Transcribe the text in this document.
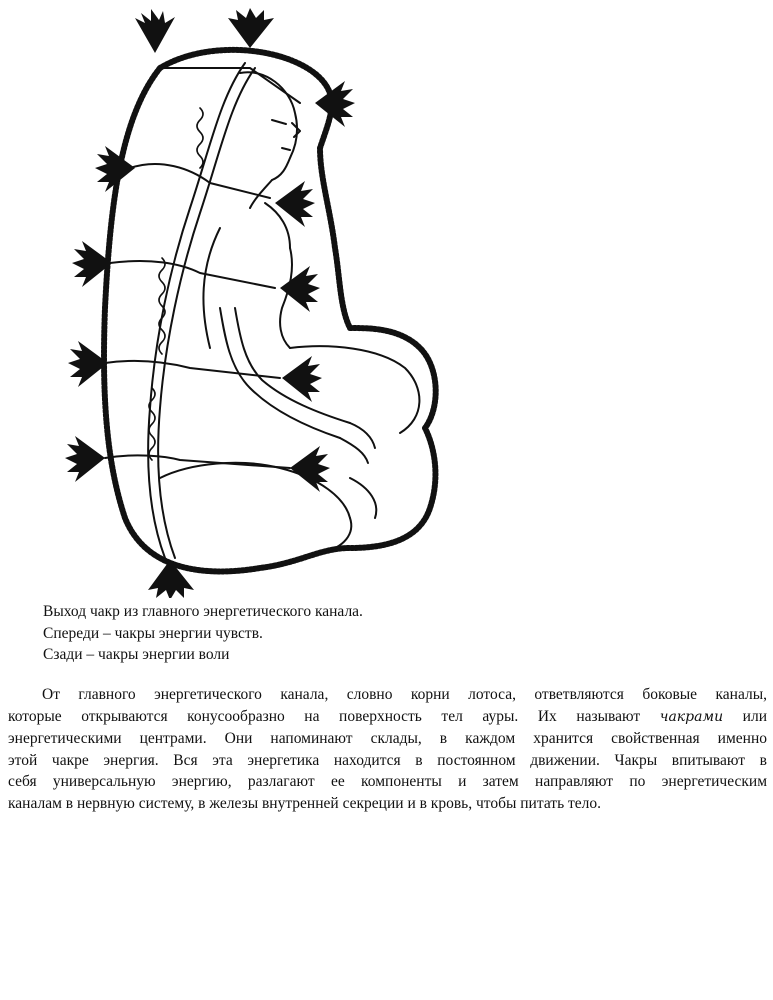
Выход чакр из главного энергетического канала.
Спереди – чакры энергии чувств.
Сзади – чакры энергии воли
От главного энергетического канала, словно корни лотоса, ответвляются боковые каналы,
которые открываются конусообразно на поверхность тел ауры. Их называют чакрами или
энергетическими центрами. Они напоминают склады, в каждом хранится свойственная именно
этой чакре энергия. Вся эта энергетика находится в постоянном движении. Чакры впитывают в
себя универсальную энергию, разлагают ее компоненты и затем направляют по энергетическим
каналам в нервную систему, в железы внутренней секреции и в кровь, чтобы питать тело.
